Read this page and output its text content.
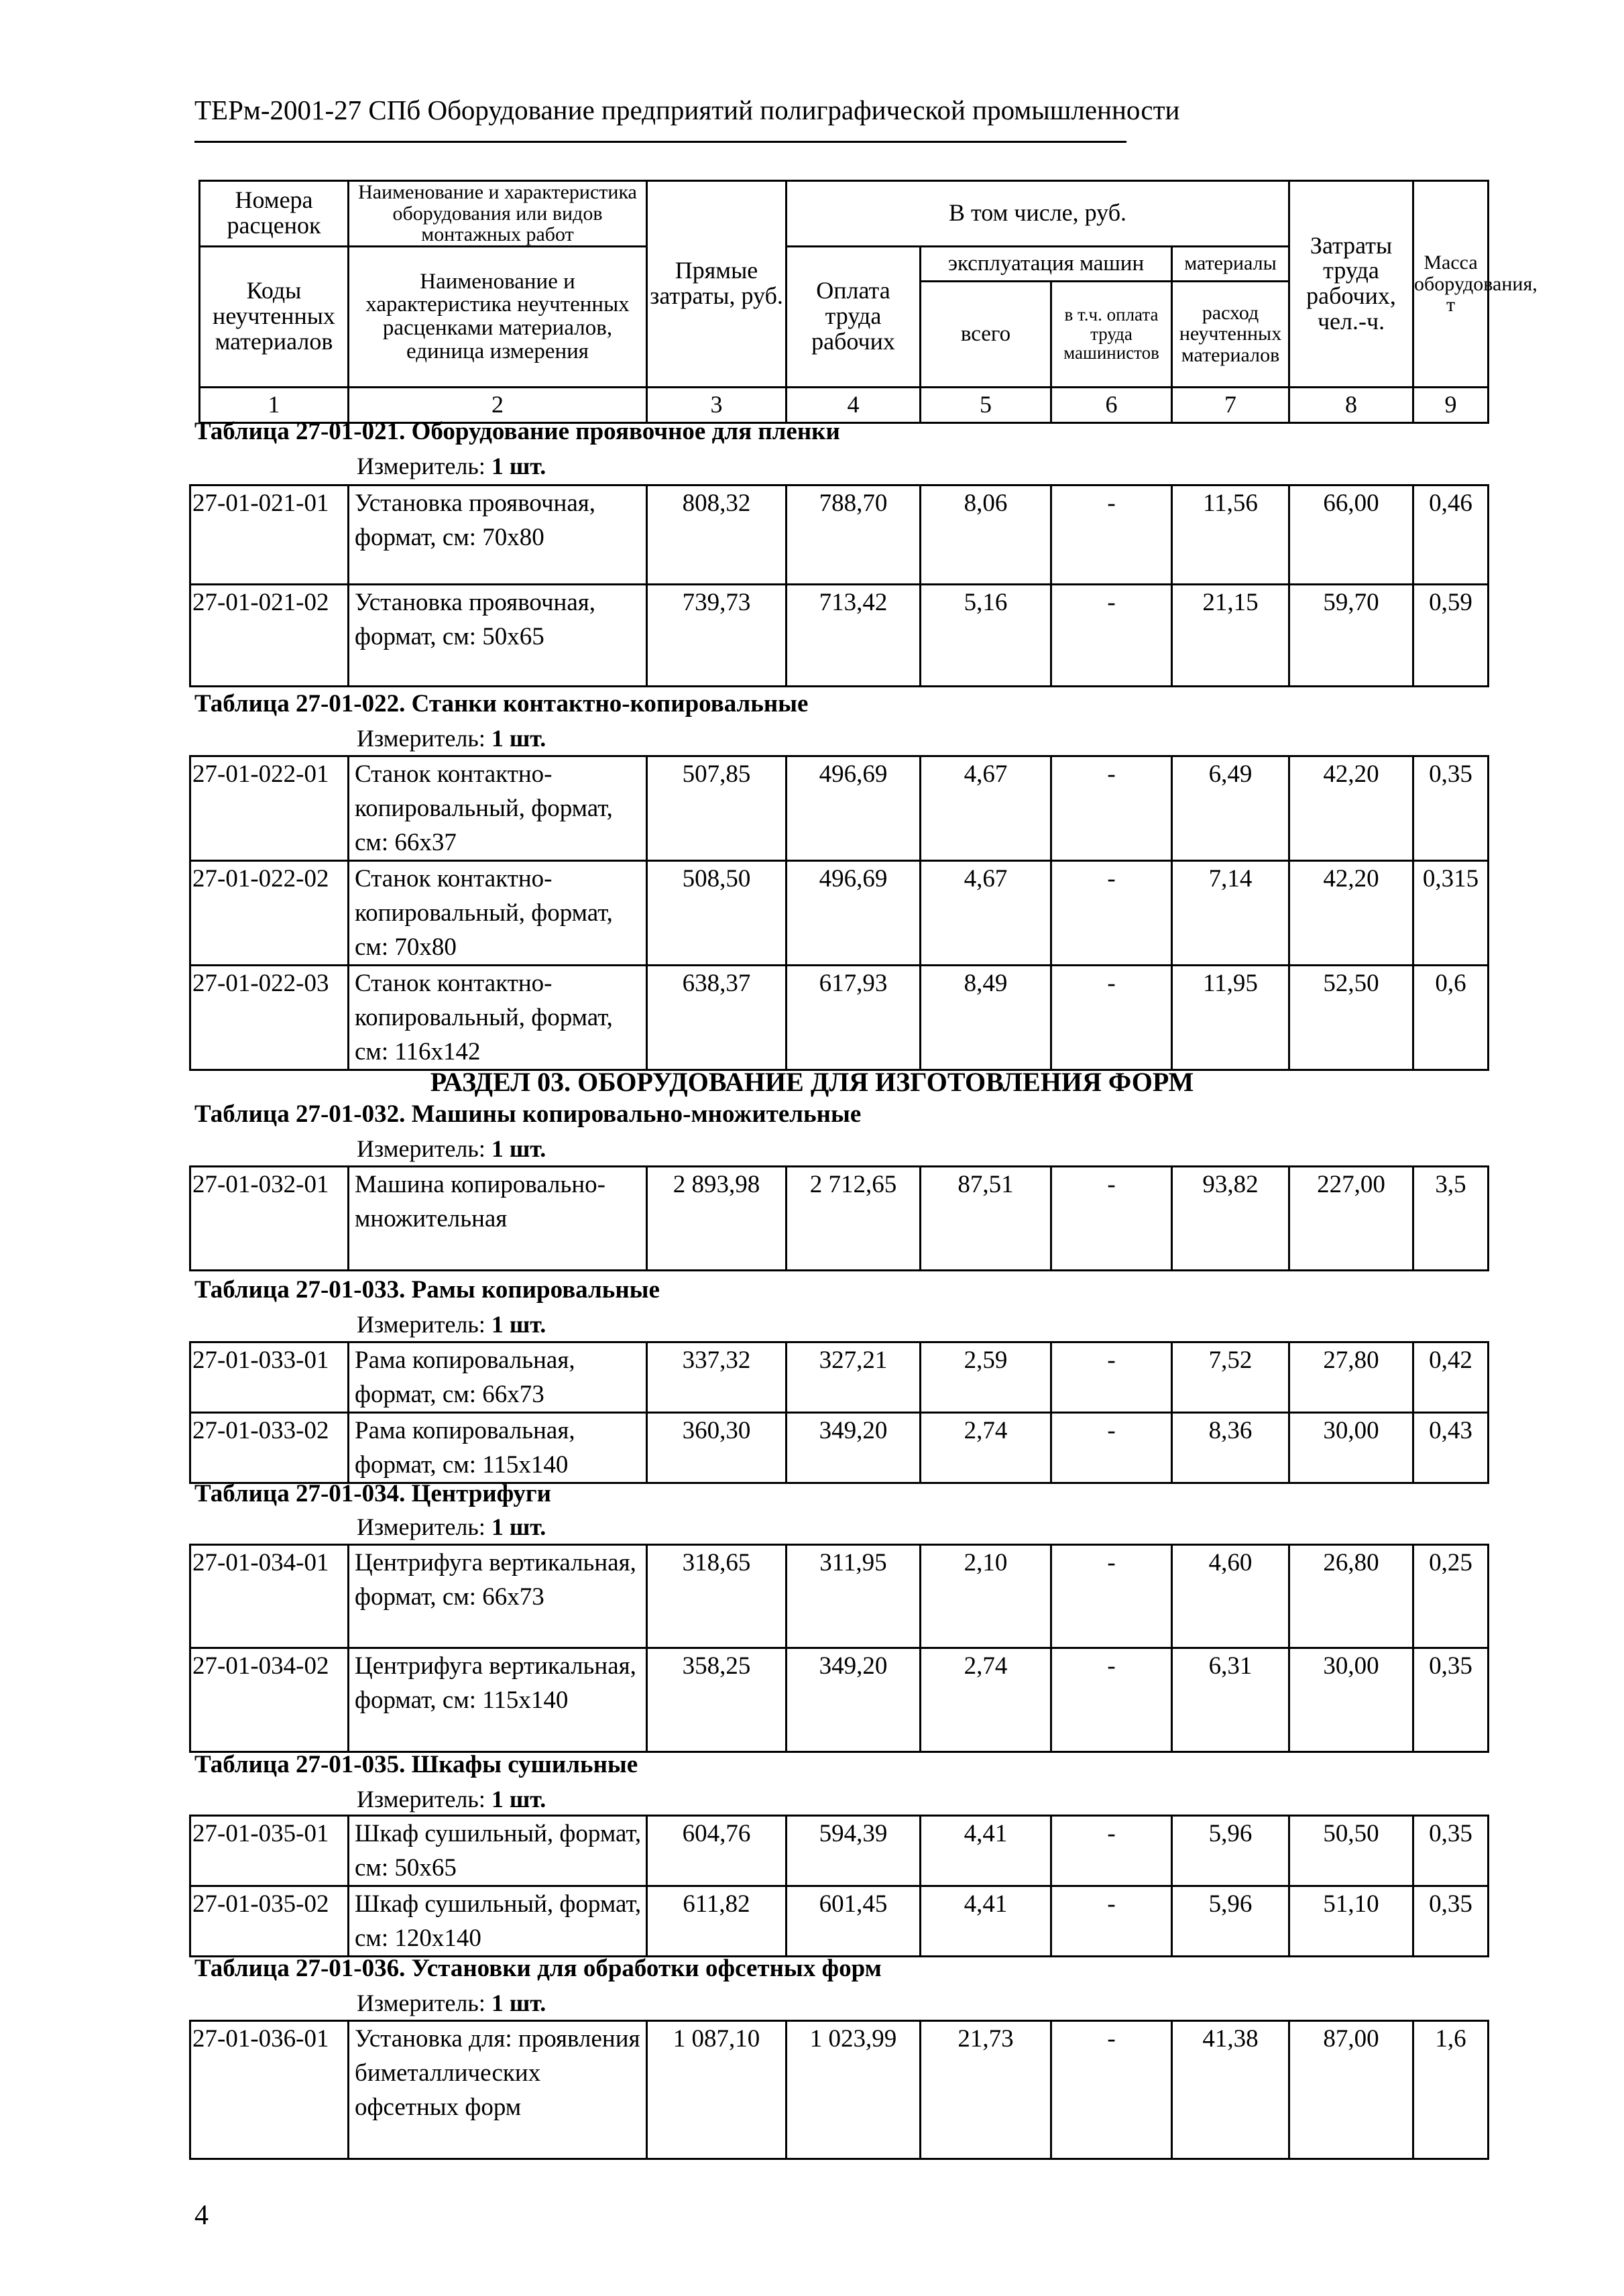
ТЕРм-2001-27 СПб Оборудование предприятий полиграфической промышленности
Номера расценок	Наименование и характеристика оборудования или видов монтажных работ	Прямые затраты, руб.	В том числе, руб.				Затраты труда рабочих, чел.-ч.	Масса оборудования, т
Коды неучтенных материалов	Наименование и характеристика неучтенных расценками материалов, единица измерения		Оплата труда рабочих	эксплуатация машин		материалы		
				всего	в т.ч. оплата труда машинистов	расход неучтенных материалов		
1	2	3	4	5	6	7	8	9
Таблица 27-01-021. Оборудование проявочное для пленки
Измеритель: 1 шт.
27-01-021-01	Установка проявочная, формат, см: 70х80	808,32	788,70	8,06	-	11,56	66,00	0,46
27-01-021-02	Установка проявочная, формат, см: 50х65	739,73	713,42	5,16	-	21,15	59,70	0,59
Таблица 27-01-022. Станки контактно-копировальные
Измеритель: 1 шт.
27-01-022-01	Станок контактно-копировальный, формат, см: 66х37	507,85	496,69	4,67	-	6,49	42,20	0,35
27-01-022-02	Станок контактно-копировальный, формат, см: 70х80	508,50	496,69	4,67	-	7,14	42,20	0,315
27-01-022-03	Станок контактно-копировальный, формат, см: 116х142	638,37	617,93	8,49	-	11,95	52,50	0,6
РАЗДЕЛ 03. ОБОРУДОВАНИЕ ДЛЯ ИЗГОТОВЛЕНИЯ ФОРМ
Таблица 27-01-032. Машины копировально-множительные
Измеритель: 1 шт.
27-01-032-01	Машина копировально-множительная	2 893,98	2 712,65	87,51	-	93,82	227,00	3,5
Таблица 27-01-033. Рамы копировальные
Измеритель: 1 шт.
27-01-033-01	Рама копировальная, формат, см: 66х73	337,32	327,21	2,59	-	7,52	27,80	0,42
27-01-033-02	Рама копировальная, формат, см: 115х140	360,30	349,20	2,74	-	8,36	30,00	0,43
Таблица 27-01-034. Центрифуги
Измеритель: 1 шт.
27-01-034-01	Центрифуга вертикальная, формат, см: 66х73	318,65	311,95	2,10	-	4,60	26,80	0,25
27-01-034-02	Центрифуга вертикальная, формат, см: 115х140	358,25	349,20	2,74	-	6,31	30,00	0,35
Таблица 27-01-035. Шкафы сушильные
Измеритель: 1 шт.
27-01-035-01	Шкаф сушильный, формат, см: 50х65	604,76	594,39	4,41	-	5,96	50,50	0,35
27-01-035-02	Шкаф сушильный, формат, см: 120х140	611,82	601,45	4,41	-	5,96	51,10	0,35
Таблица 27-01-036. Установки для обработки офсетных форм
Измеритель: 1 шт.
27-01-036-01	Установка для: проявления биметаллических офсетных форм	1 087,10	1 023,99	21,73	-	41,38	87,00	1,6
4
